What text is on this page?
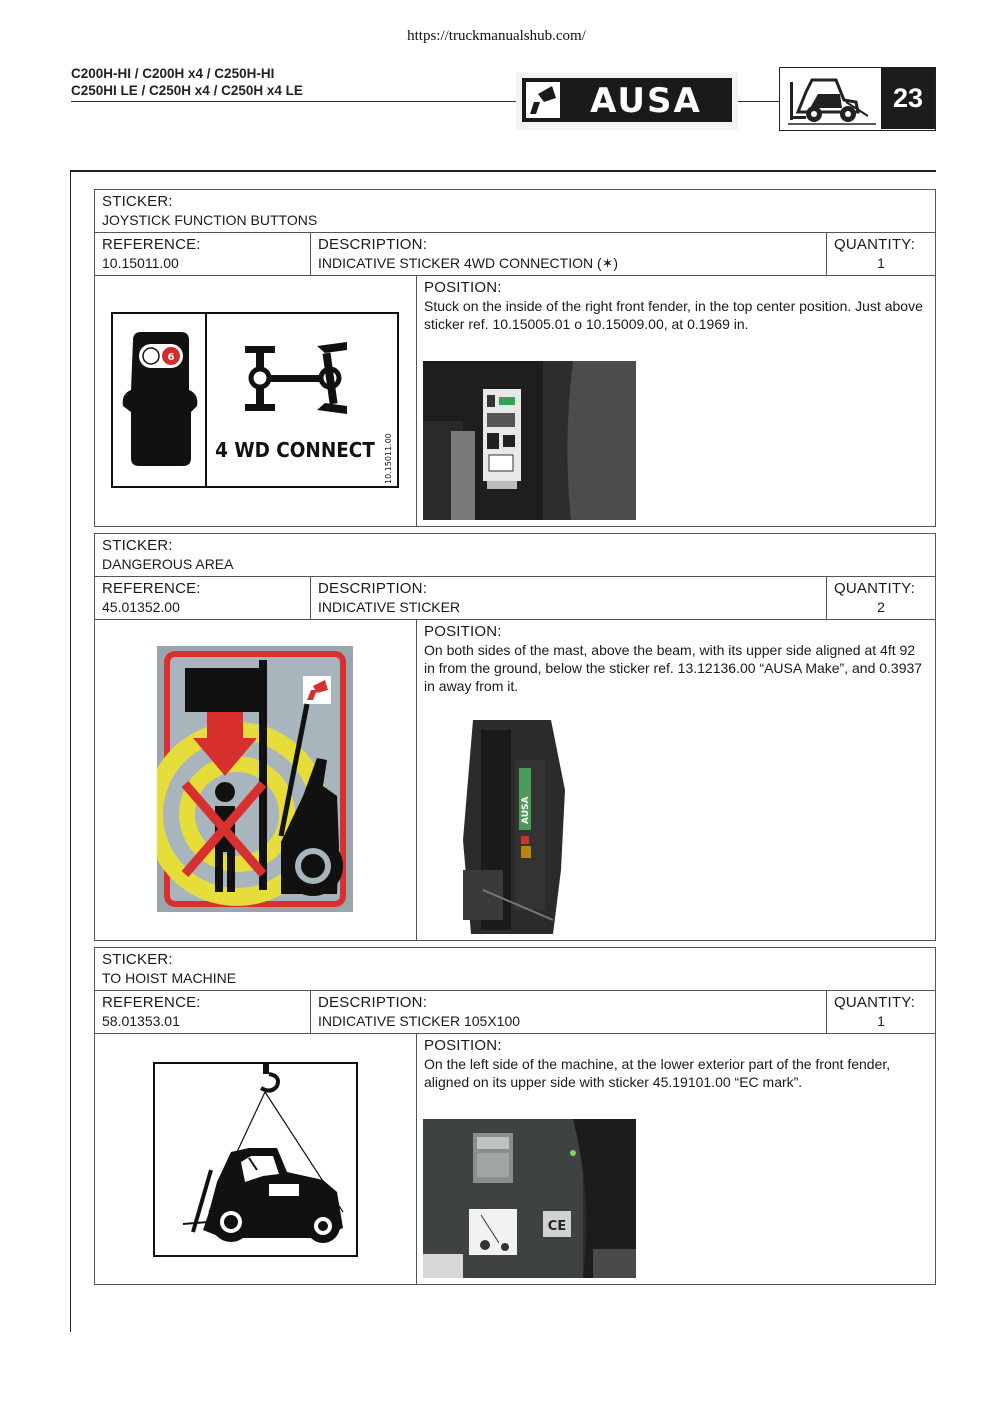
https://truckmanualshub.com/
C200H-HI / C200H x4 / C250H-HI
C250HI LE / C250H x4 / C250H x4 LE	AUSA	23
STICKER:
JOYSTICK FUNCTION BUTTONS
REFERENCE:
10.15011.00
DESCRIPTION:
INDICATIVE STICKER 4WD CONNECTION (✶)
QUANTITY:
1
6
4 WD CONNECT 10.15011.00
POSITION:
Stuck on the inside of the right front fender, in the top center position. Just above sticker ref. 10.15005.01 o 10.15009.00, at 0.1969 in.
STICKER:
DANGEROUS AREA
REFERENCE:
45.01352.00
DESCRIPTION:
INDICATIVE STICKER
QUANTITY:
2
POSITION:
On both sides of the mast, above the beam, with its upper side aligned at 4ft 92 in from the ground, below the sticker ref. 13.12136.00 “AUSA Make”, and 0.3937 in away from it.
AUSA
STICKER:
TO HOIST MACHINE
REFERENCE:
58.01353.01
DESCRIPTION:
INDICATIVE STICKER 105X100
QUANTITY:
1
POSITION:
On the left side of the machine, at the lower exterior part of the front fender, aligned on its upper side with sticker 45.19101.00 “EC mark”.
CE
